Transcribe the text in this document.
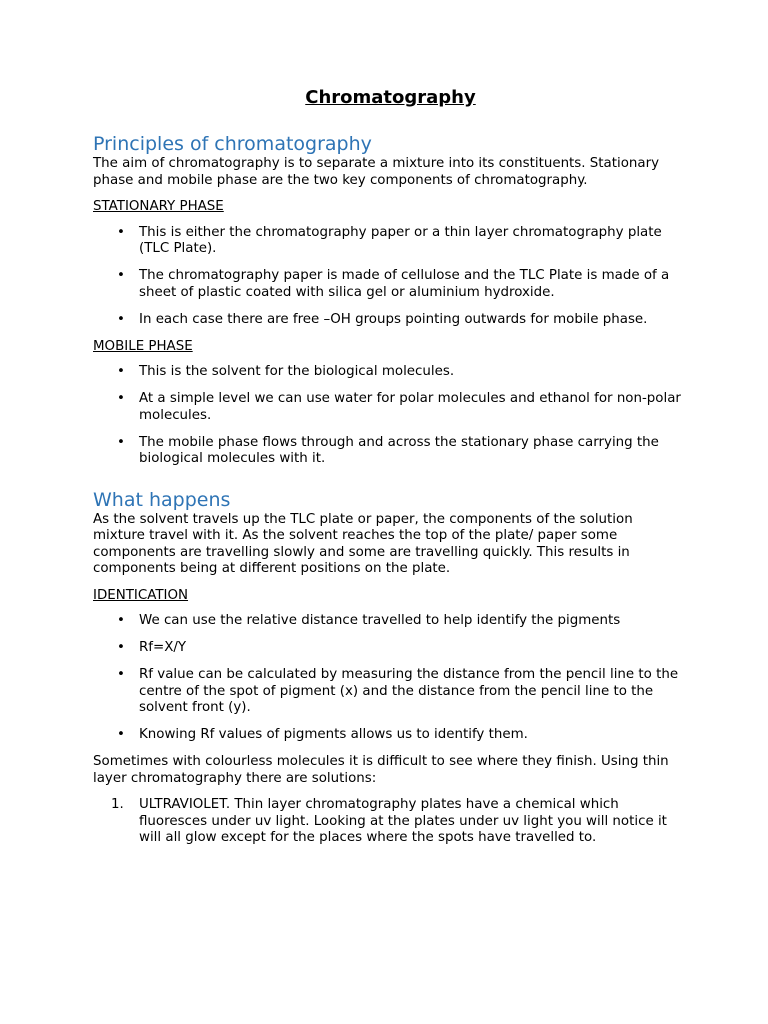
Chromatography
Principles of chromatography

The aim of chromatography is to separate a mixture into its constituents. Stationary phase and mobile phase are the two key components of chromatography.

STATIONARY PHASE
• This is either the chromatography paper or a thin layer chromatography plate (TLC Plate).
• The chromatography paper is made of cellulose and the TLC Plate is made of a sheet of plastic coated with silica gel or aluminium hydroxide.
• In each case there are free –OH groups pointing outwards for mobile phase.
MOBILE PHASE
• This is the solvent for the biological molecules.
• At a simple level we can use water for polar molecules and ethanol for non-polar molecules.
• The mobile phase flows through and across the stationary phase carrying the biological molecules with it.
What happens

As the solvent travels up the TLC plate or paper, the components of the solution mixture travel with it. As the solvent reaches the top of the plate/ paper some components are travelling slowly and some are travelling quickly. This results in components being at different positions on the plate.

IDENTICATION
• We can use the relative distance travelled to help identify the pigments
• Rf=X/Y
• Rf value can be calculated by measuring the distance from the pencil line to the centre of the spot of pigment (x) and the distance from the pencil line to the solvent front (y).
• Knowing Rf values of pigments allows us to identify them.

Sometimes with colourless molecules it is difficult to see where they finish. Using thin layer chromatography there are solutions:

1. ULTRAVIOLET. Thin layer chromatography plates have a chemical which fluoresces under uv light. Looking at the plates under uv light you will notice it will all glow except for the places where the spots have travelled to.
